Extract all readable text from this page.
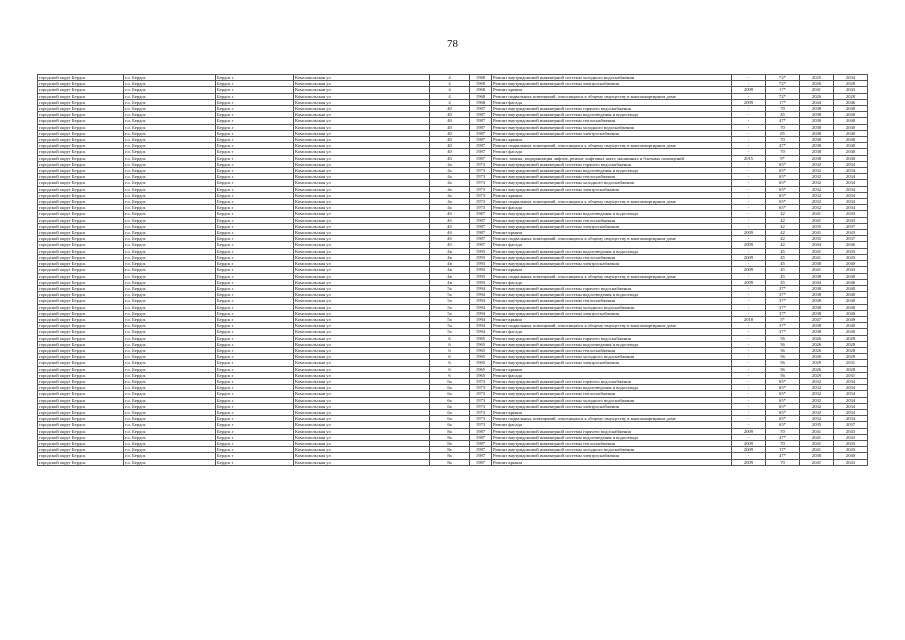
78
городской округ Бердск	г.о. Бердск	Бердск г	Комсомольская ул	4	1968	Ремонт внутридомовой инженерной системы холодного водоснабжения	-	72*	2025	2034
городской округ Бердск	г.о. Бердск	Бердск г	Комсомольская ул	4	1968	Ремонт внутридомовой инженерной системы электроснабжения	-	72*	2026	2028
городской округ Бердск	г.о. Бердск	Бердск г	Комсомольская ул	4	1968	Ремонт крыши	2009	17*	2041	2043
городской округ Бердск	г.о. Бердск	Бердск г	Комсомольская ул	4	1968	Ремонт подвальных помещений, относящихся к общему имуществу в многоквартирном доме	-	72*	2026	2028
городской округ Бердск	г.о. Бердск	Бердск г	Комсомольская ул	4	1968	Ремонт фасада	2009	17*	2044	2046
городской округ Бердск	г.о. Бердск	Бердск г	Комсомольская ул	40	1987	Ремонт внутридомовой инженерной системы горячего водоснабжения	-	70	2038	2040
городской округ Бердск	г.о. Бердск	Бердск г	Комсомольская ул	40	1987	Ремонт внутридомовой инженерной системы водоотведения и водоотвода	-	45	2038	2040
городской округ Бердск	г.о. Бердск	Бердск г	Комсомольская ул	40	1987	Ремонт внутридомовой инженерной системы теплоснабжения	-	47*	2038	2040
городской округ Бердск	г.о. Бердск	Бердск г	Комсомольская ул	40	1987	Ремонт внутридомовой инженерной системы холодного водоснабжения	-	70	2038	2040
городской округ Бердск	г.о. Бердск	Бердск г	Комсомольская ул	40	1987	Ремонт внутридомовой инженерной системы электроснабжения	-	65	2038	2040
городской округ Бердск	г.о. Бердск	Бердск г	Комсомольская ул	40	1987	Ремонт крыши	-	70	2038	2040
городской округ Бердск	г.о. Бердск	Бердск г	Комсомольская ул	40	1987	Ремонт подвальных помещений, относящихся к общему имуществу в многоквартирном доме	-	47*	2038	2040
городской округ Бердск	г.о. Бердск	Бердск г	Комсомольская ул	40	1987	Ремонт фасада	-	70	2038	2040
городской округ Бердск	г.о. Бердск	Бердск г	Комсомольская ул	40	1987	Ремонт, замена, модернизация лифтов, ремонт лифтовых шахт, машинных и блочных помещений	2015	9*	2038	2040
городской округ Бердск	г.о. Бердск	Бердск г	Комсомольская ул	4а	1973	Ремонт внутридомовой инженерной системы горячего водоснабжения	-	65*	2032	2034
городской округ Бердск	г.о. Бердск	Бердск г	Комсомольская ул	4а	1973	Ремонт внутридомовой инженерной системы водоотведения и водоотвода	-	65*	2032	2034
городской округ Бердск	г.о. Бердск	Бердск г	Комсомольская ул	4а	1973	Ремонт внутридомовой инженерной системы теплоснабжения	-	65*	2032	2034
городской округ Бердск	г.о. Бердск	Бердск г	Комсомольская ул	4а	1973	Ремонт внутридомовой инженерной системы холодного водоснабжения	-	65*	2032	2034
городской округ Бердск	г.о. Бердск	Бердск г	Комсомольская ул	4а	1973	Ремонт внутридомовой инженерной системы электроснабжения	-	65*	2032	2034
городской округ Бердск	г.о. Бердск	Бердск г	Комсомольская ул	4а	1973	Ремонт крыши	-	65*	2032	2034
городской округ Бердск	г.о. Бердск	Бердск г	Комсомольская ул	4а	1973	Ремонт подвальных помещений, относящихся к общему имуществу в многоквартирном доме	-	65*	2032	2034
городской округ Бердск	г.о. Бердск	Бердск г	Комсомольская ул	4а	1973	Ремонт фасада	-	65*	2032	2034
городской округ Бердск	г.о. Бердск	Бердск г	Комсомольская ул	4б	1987	Ремонт внутридомовой инженерной системы водоотведения и водоотвода	-	42	2041	2043
городской округ Бердск	г.о. Бердск	Бердск г	Комсомольская ул	4б	1987	Ремонт внутридомовой инженерной системы теплоснабжения	-	42	2041	2043
городской округ Бердск	г.о. Бердск	Бердск г	Комсомольская ул	4б	1987	Ремонт внутридомовой инженерной системы электроснабжения	-	42	2035	2037
городской округ Бердск	г.о. Бердск	Бердск г	Комсомольская ул	4б	1987	Ремонт крыши	2009	42	2041	2043
городской округ Бердск	г.о. Бердск	Бердск г	Комсомольская ул	4б	1987	Ремонт подвальных помещений, относящихся к общему имуществу в многоквартирном доме	-	42	2035	2037
городской округ Бердск	г.о. Бердск	Бердск г	Комсомольская ул	4б	1987	Ремонт фасада	2009	42	2044	2046
городской округ Бердск	г.о. Бердск	Бердск г	Комсомольская ул	4в	1993	Ремонт внутридомовой инженерной системы водоотведения и водоотвода	-	45	2041	2043
городской округ Бердск	г.о. Бердск	Бердск г	Комсомольская ул	4в	1993	Ремонт внутридомовой инженерной системы теплоснабжения	2009	45	2041	2043
городской округ Бердск	г.о. Бердск	Бердск г	Комсомольская ул	4в	1993	Ремонт внутридомовой инженерной системы электроснабжения	-	45	2038	2040
городской округ Бердск	г.о. Бердск	Бердск г	Комсомольская ул	4в	1993	Ремонт крыши	2009	45	2041	2043
городской округ Бердск	г.о. Бердск	Бердск г	Комсомольская ул	4в	1993	Ремонт подвальных помещений, относящихся к общему имуществу в многоквартирном доме	-	45	2038	2040
городской округ Бердск	г.о. Бердск	Бердск г	Комсомольская ул	4в	1993	Ремонт фасада	2009	45	2044	2046
городской округ Бердск	г.о. Бердск	Бердск г	Комсомольская ул	5а	1994	Ремонт внутридомовой инженерной системы горячего водоснабжения	-	37*	2038	2040
городской округ Бердск	г.о. Бердск	Бердск г	Комсомольская ул	5а	1994	Ремонт внутридомовой инженерной системы водоотведения и водоотвода	-	37*	2038	2040
городской округ Бердск	г.о. Бердск	Бердск г	Комсомольская ул	5а	1994	Ремонт внутридомовой инженерной системы теплоснабжения	-	37*	2038	2040
городской округ Бердск	г.о. Бердск	Бердск г	Комсомольская ул	5а	1994	Ремонт внутридомовой инженерной системы холодного водоснабжения	-	37*	2038	2040
городской округ Бердск	г.о. Бердск	Бердск г	Комсомольская ул	5а	1994	Ремонт внутридомовой инженерной системы электроснабжения	-	37*	2038	2040
городской округ Бердск	г.о. Бердск	Бердск г	Комсомольская ул	5а	1994	Ремонт крыши	2018	5*	2047	2049
городской округ Бердск	г.о. Бердск	Бердск г	Комсомольская ул	5а	1994	Ремонт подвальных помещений, относящихся к общему имуществу в многоквартирном доме	-	37*	2038	2040
городской округ Бердск	г.о. Бердск	Бердск г	Комсомольская ул	5а	1994	Ремонт фасада	-	37*	2038	2040
городской округ Бердск	г.о. Бердск	Бердск г	Комсомольская ул	6	1965	Ремонт внутридомовой инженерной системы горячего водоснабжения	-	56	2026	2028
городской округ Бердск	г.о. Бердск	Бердск г	Комсомольская ул	6	1965	Ремонт внутридомовой инженерной системы водоотведения и водоотвода	-	56	2026	2028
городской округ Бердск	г.о. Бердск	Бердск г	Комсомольская ул	6	1965	Ремонт внутридомовой инженерной системы теплоснабжения	-	56	2026	2028
городской округ Бердск	г.о. Бердск	Бердск г	Комсомольская ул	6	1965	Ремонт внутридомовой инженерной системы холодного водоснабжения	-	56	2026	2028
городской округ Бердск	г.о. Бердск	Бердск г	Комсомольская ул	6	1965	Ремонт внутридомовой инженерной системы электроснабжения	-	56	2029	2031
городской округ Бердск	г.о. Бердск	Бердск г	Комсомольская ул	6	1965	Ремонт крыши	-	56	2026	2028
городской округ Бердск	г.о. Бердск	Бердск г	Комсомольская ул	6	1965	Ремонт фасада	-	56	2029	2031
городской округ Бердск	г.о. Бердск	Бердск г	Комсомольская ул	6а	1973	Ремонт внутридомовой инженерной системы горячего водоснабжения	-	65*	2032	2034
городской округ Бердск	г.о. Бердск	Бердск г	Комсомольская ул	6а	1973	Ремонт внутридомовой инженерной системы водоотведения и водоотвода	-	65*	2032	2034
городской округ Бердск	г.о. Бердск	Бердск г	Комсомольская ул	6а	1973	Ремонт внутридомовой инженерной системы теплоснабжения	-	65*	2032	2034
городской округ Бердск	г.о. Бердск	Бердск г	Комсомольская ул	6а	1973	Ремонт внутридомовой инженерной системы холодного водоснабжения	-	65*	2032	2034
городской округ Бердск	г.о. Бердск	Бердск г	Комсомольская ул	6а	1973	Ремонт внутридомовой инженерной системы электроснабжения	-	65*	2032	2034
городской округ Бердск	г.о. Бердск	Бердск г	Комсомольская ул	6а	1973	Ремонт крыши	-	65*	2032	2034
городской округ Бердск	г.о. Бердск	Бердск г	Комсомольская ул	6а	1973	Ремонт подвальных помещений, относящихся к общему имуществу в многоквартирном доме	-	65*	2032	2034
городской округ Бердск	г.о. Бердск	Бердск г	Комсомольская ул	6а	1973	Ремонт фасада	-	65*	2035	2037
городской округ Бердск	г.о. Бердск	Бердск г	Комсомольская ул	8а	1987	Ремонт внутридомовой инженерной системы горячего водоснабжения	2009	70	2041	2043
городской округ Бердск	г.о. Бердск	Бердск г	Комсомольская ул	8а	1987	Ремонт внутридомовой инженерной системы водоотведения и водоотвода	-	47*	2041	2043
городской округ Бердск	г.о. Бердск	Бердск г	Комсомольская ул	8а	1987	Ремонт внутридомовой инженерной системы теплоснабжения	2009	70	2041	2043
городской округ Бердск	г.о. Бердск	Бердск г	Комсомольская ул	8а	1987	Ремонт внутридомовой инженерной системы холодного водоснабжения	2009	17*	2041	2043
городской округ Бердск	г.о. Бердск	Бердск г	Комсомольская ул	8а	1987	Ремонт внутридомовой инженерной системы электроснабжения	-	47*	2038	2040
городской округ Бердск	г.о. Бердск	Бердск г	Комсомольская ул	8а	1987	Ремонт крыши	2009	70	2041	2043
